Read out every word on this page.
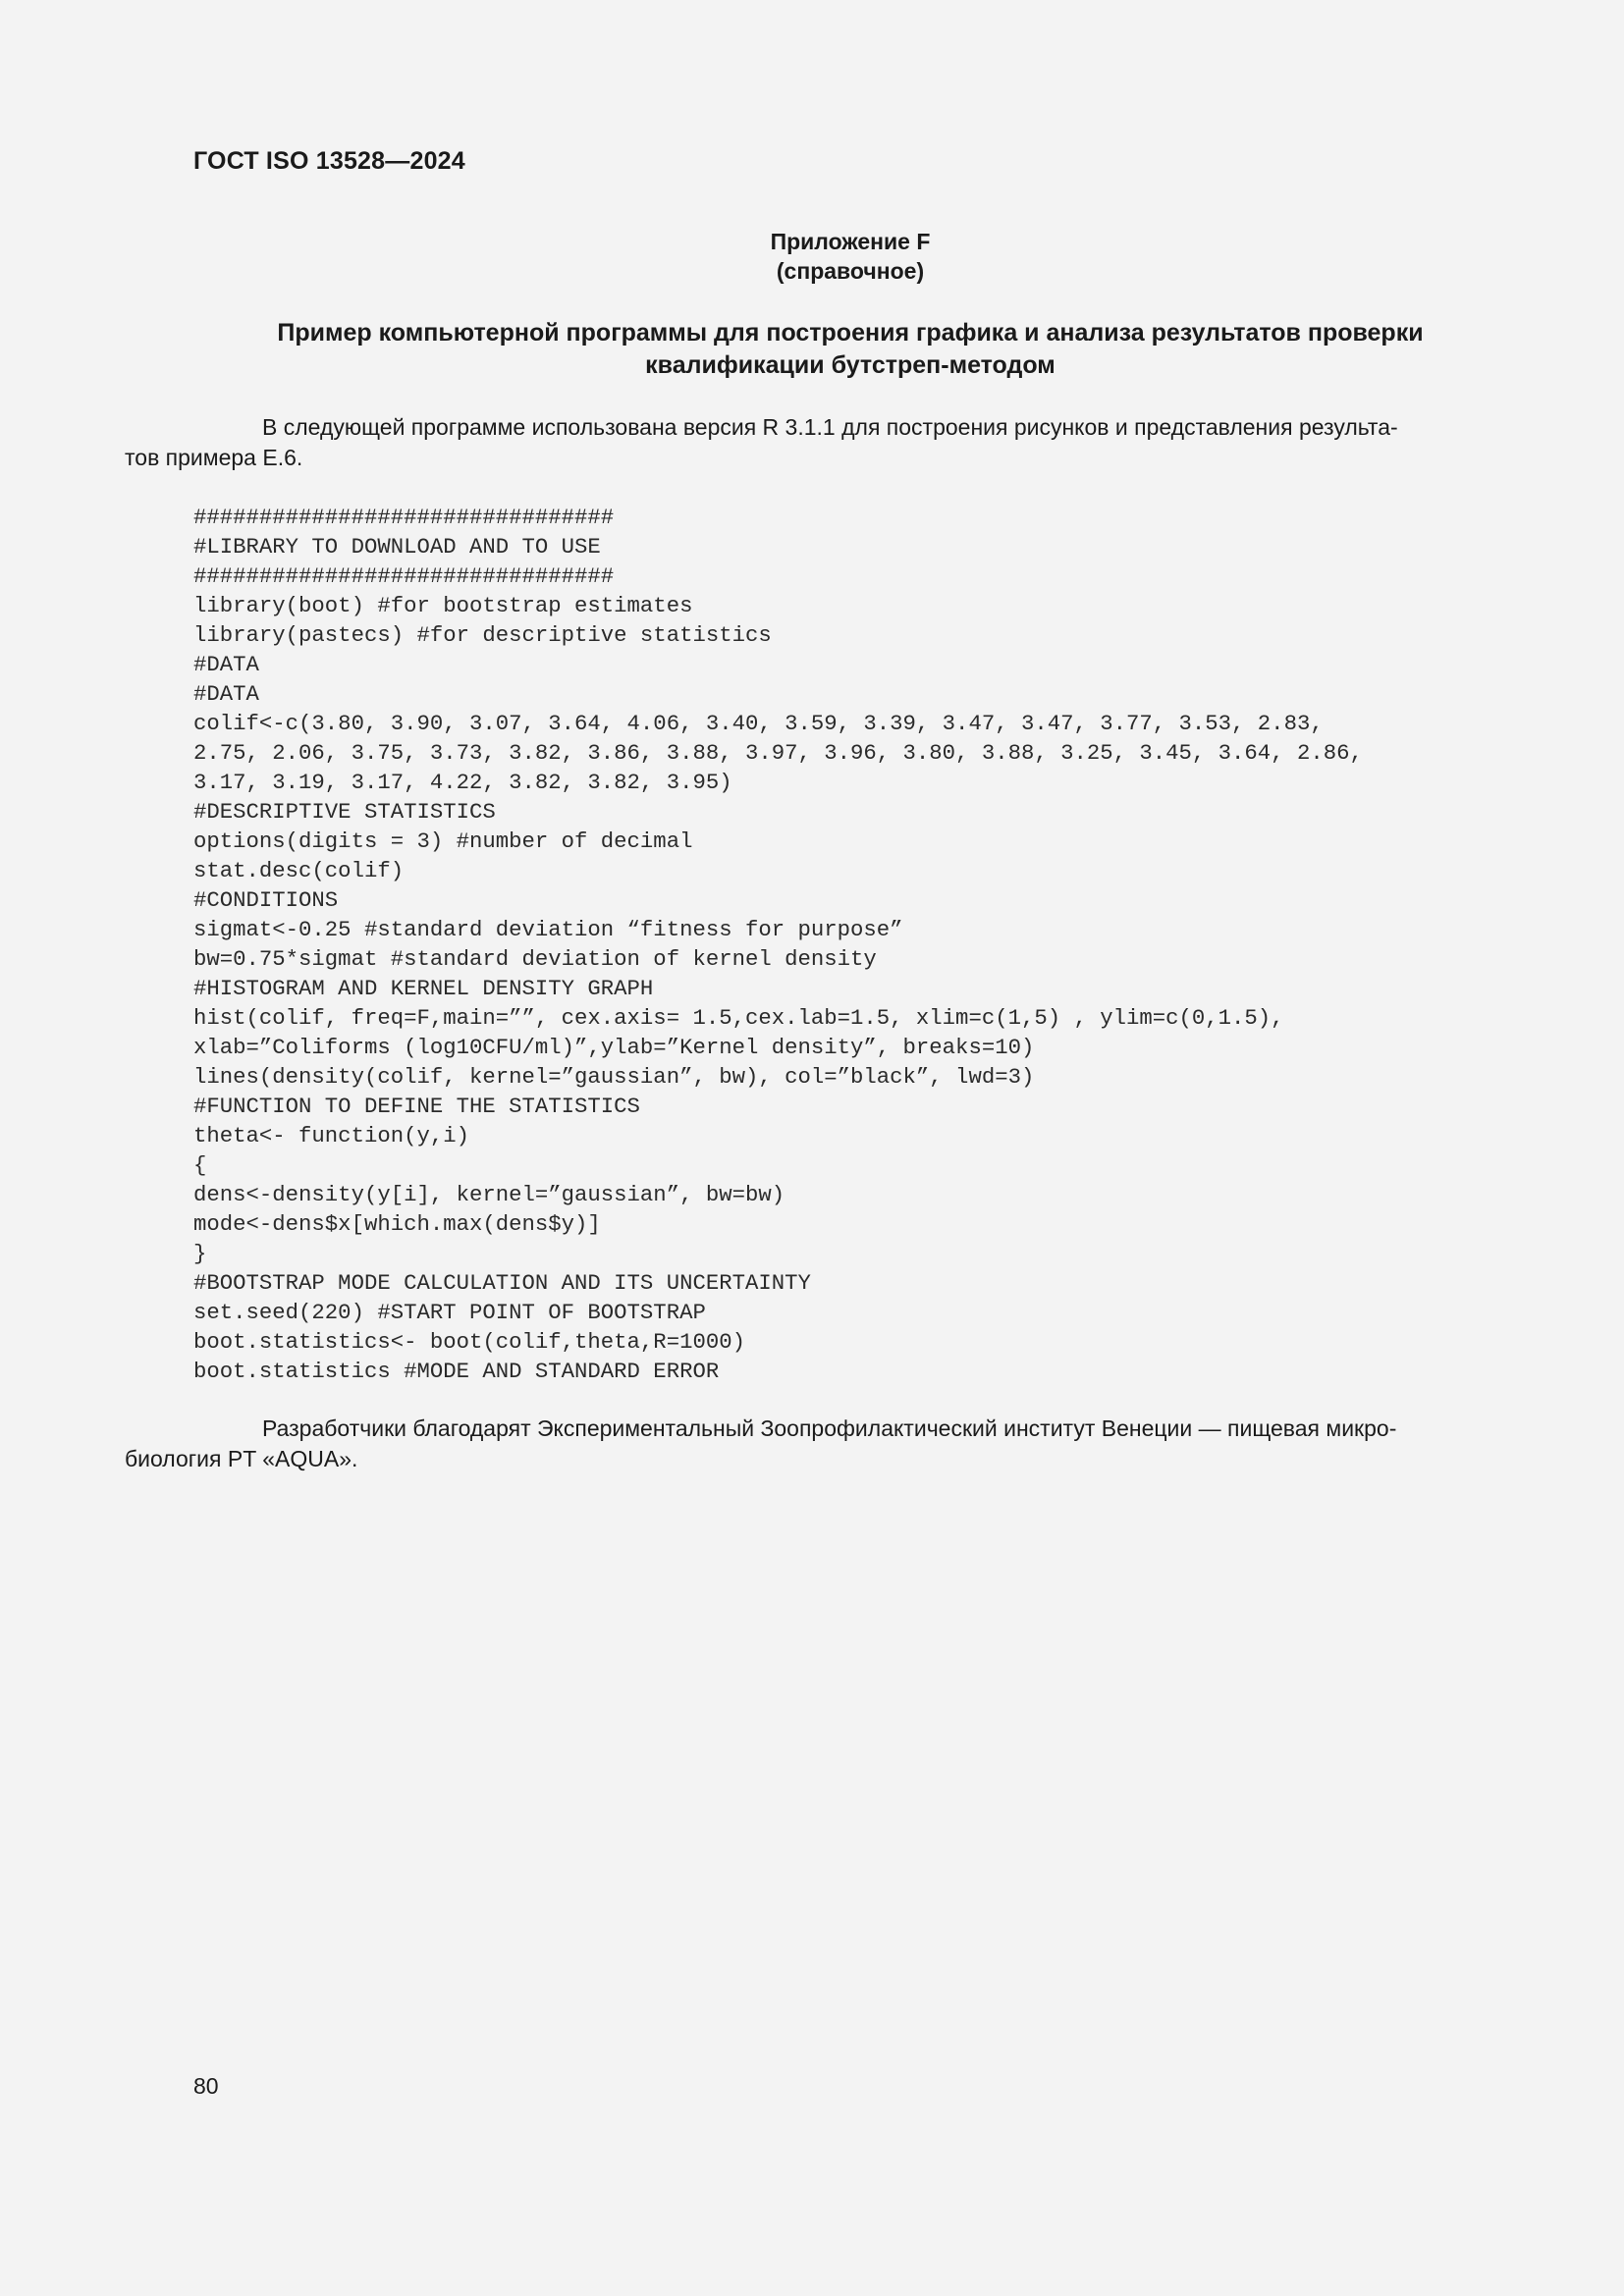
ГОСТ ISO 13528—2024
Приложение F
(справочное)
Пример компьютерной программы для построения графика и анализа результатов проверки
квалификации бутстреп-методом

В следующей программе использована версия R 3.1.1 для построения рисунков и представления результа-
тов примера E.6.

################################
#LIBRARY TO DOWNLOAD AND TO USE
################################
library(boot) #for bootstrap estimates
library(pastecs) #for descriptive statistics
#DATA
#DATA
colif<-c(3.80, 3.90, 3.07, 3.64, 4.06, 3.40, 3.59, 3.39, 3.47, 3.47, 3.77, 3.53, 2.83,
2.75, 2.06, 3.75, 3.73, 3.82, 3.86, 3.88, 3.97, 3.96, 3.80, 3.88, 3.25, 3.45, 3.64, 2.86,
3.17, 3.19, 3.17, 4.22, 3.82, 3.82, 3.95)
#DESCRIPTIVE STATISTICS
options(digits = 3) #number of decimal
stat.desc(colif)
#CONDITIONS
sigmat<-0.25 #standard deviation “fitness for purpose”
bw=0.75*sigmat #standard deviation of kernel density
#HISTOGRAM AND KERNEL DENSITY GRAPH
hist(colif, freq=F,main=””, cex.axis= 1.5,cex.lab=1.5, xlim=c(1,5) , ylim=c(0,1.5),
xlab=”Coliforms (log10CFU/ml)”,ylab=”Kernel density”, breaks=10)
lines(density(colif, kernel=”gaussian”, bw), col=”black”, lwd=3)
#FUNCTION TO DEFINE THE STATISTICS
theta<- function(y,i)
{
dens<-density(y[i], kernel=”gaussian”, bw=bw)
mode<-dens$x[which.max(dens$y)]
}
#BOOTSTRAP MODE CALCULATION AND ITS UNCERTAINTY
set.seed(220) #START POINT OF BOOTSTRAP
boot.statistics<- boot(colif,theta,R=1000)
boot.statistics #MODE AND STANDARD ERROR

Разработчики благодарят Экспериментальный Зоопрофилактический институт Венеции — пищевая микро-
биология PT «AQUA».

80
